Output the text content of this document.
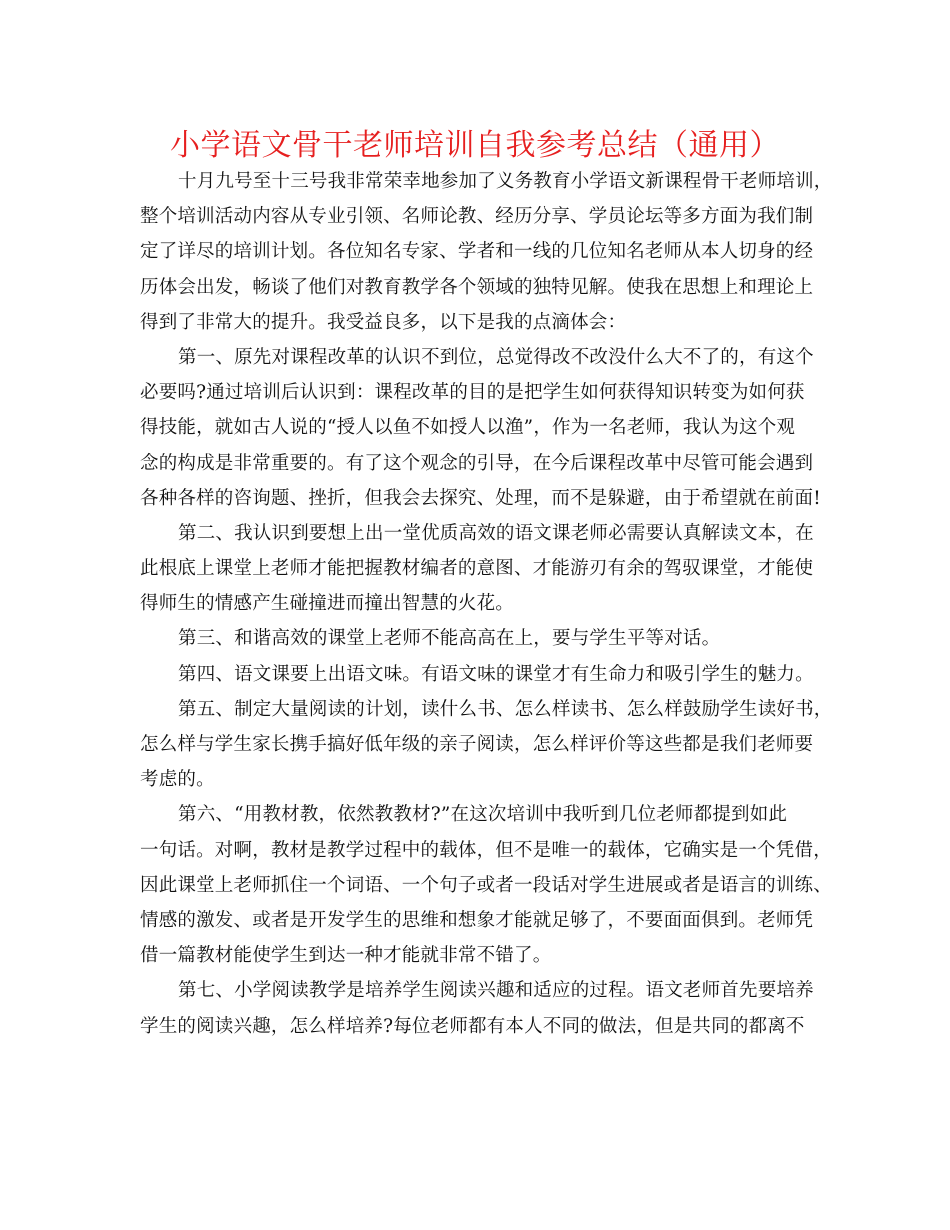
小学语文骨干老师培训自我参考总结（通用）
十月九号至十三号我非常荣幸地参加了义务教育小学语文新课程骨干老师培训，
整个培训活动内容从专业引领、名师论教、经历分享、学员论坛等多方面为我们制
定了详尽的培训计划。各位知名专家、学者和一线的几位知名老师从本人切身的经
历体会出发，畅谈了他们对教育教学各个领域的独特见解。使我在思想上和理论上
得到了非常大的提升。我受益良多，以下是我的点滴体会：
第一、原先对课程改革的认识不到位，总觉得改不改没什么大不了的，有这个
必要吗?通过培训后认识到：课程改革的目的是把学生如何获得知识转变为如何获
得技能，就如古人说的“授人以鱼不如授人以渔”，作为一名老师，我认为这个观
念的构成是非常重要的。有了这个观念的引导，在今后课程改革中尽管可能会遇到
各种各样的咨询题、挫折，但我会去探究、处理，而不是躲避，由于希望就在前面!
第二、我认识到要想上出一堂优质高效的语文课老师必需要认真解读文本，在
此根底上课堂上老师才能把握教材编者的意图、才能游刃有余的驾驭课堂，才能使
得师生的情感产生碰撞进而撞出智慧的火花。
第三、和谐高效的课堂上老师不能高高在上，要与学生平等对话。
第四、语文课要上出语文味。有语文味的课堂才有生命力和吸引学生的魅力。
第五、制定大量阅读的计划，读什么书、怎么样读书、怎么样鼓励学生读好书，
怎么样与学生家长携手搞好低年级的亲子阅读，怎么样评价等这些都是我们老师要
考虑的。
第六、“用教材教，依然教教材?”在这次培训中我听到几位老师都提到如此
一句话。对啊，教材是教学过程中的载体，但不是唯一的载体，它确实是一个凭借，
因此课堂上老师抓住一个词语、一个句子或者一段话对学生进展或者是语言的训练、
情感的激发、或者是开发学生的思维和想象才能就足够了，不要面面俱到。老师凭
借一篇教材能使学生到达一种才能就非常不错了。
第七、小学阅读教学是培养学生阅读兴趣和适应的过程。语文老师首先要培养
学生的阅读兴趣，怎么样培养?每位老师都有本人不同的做法，但是共同的都离不
